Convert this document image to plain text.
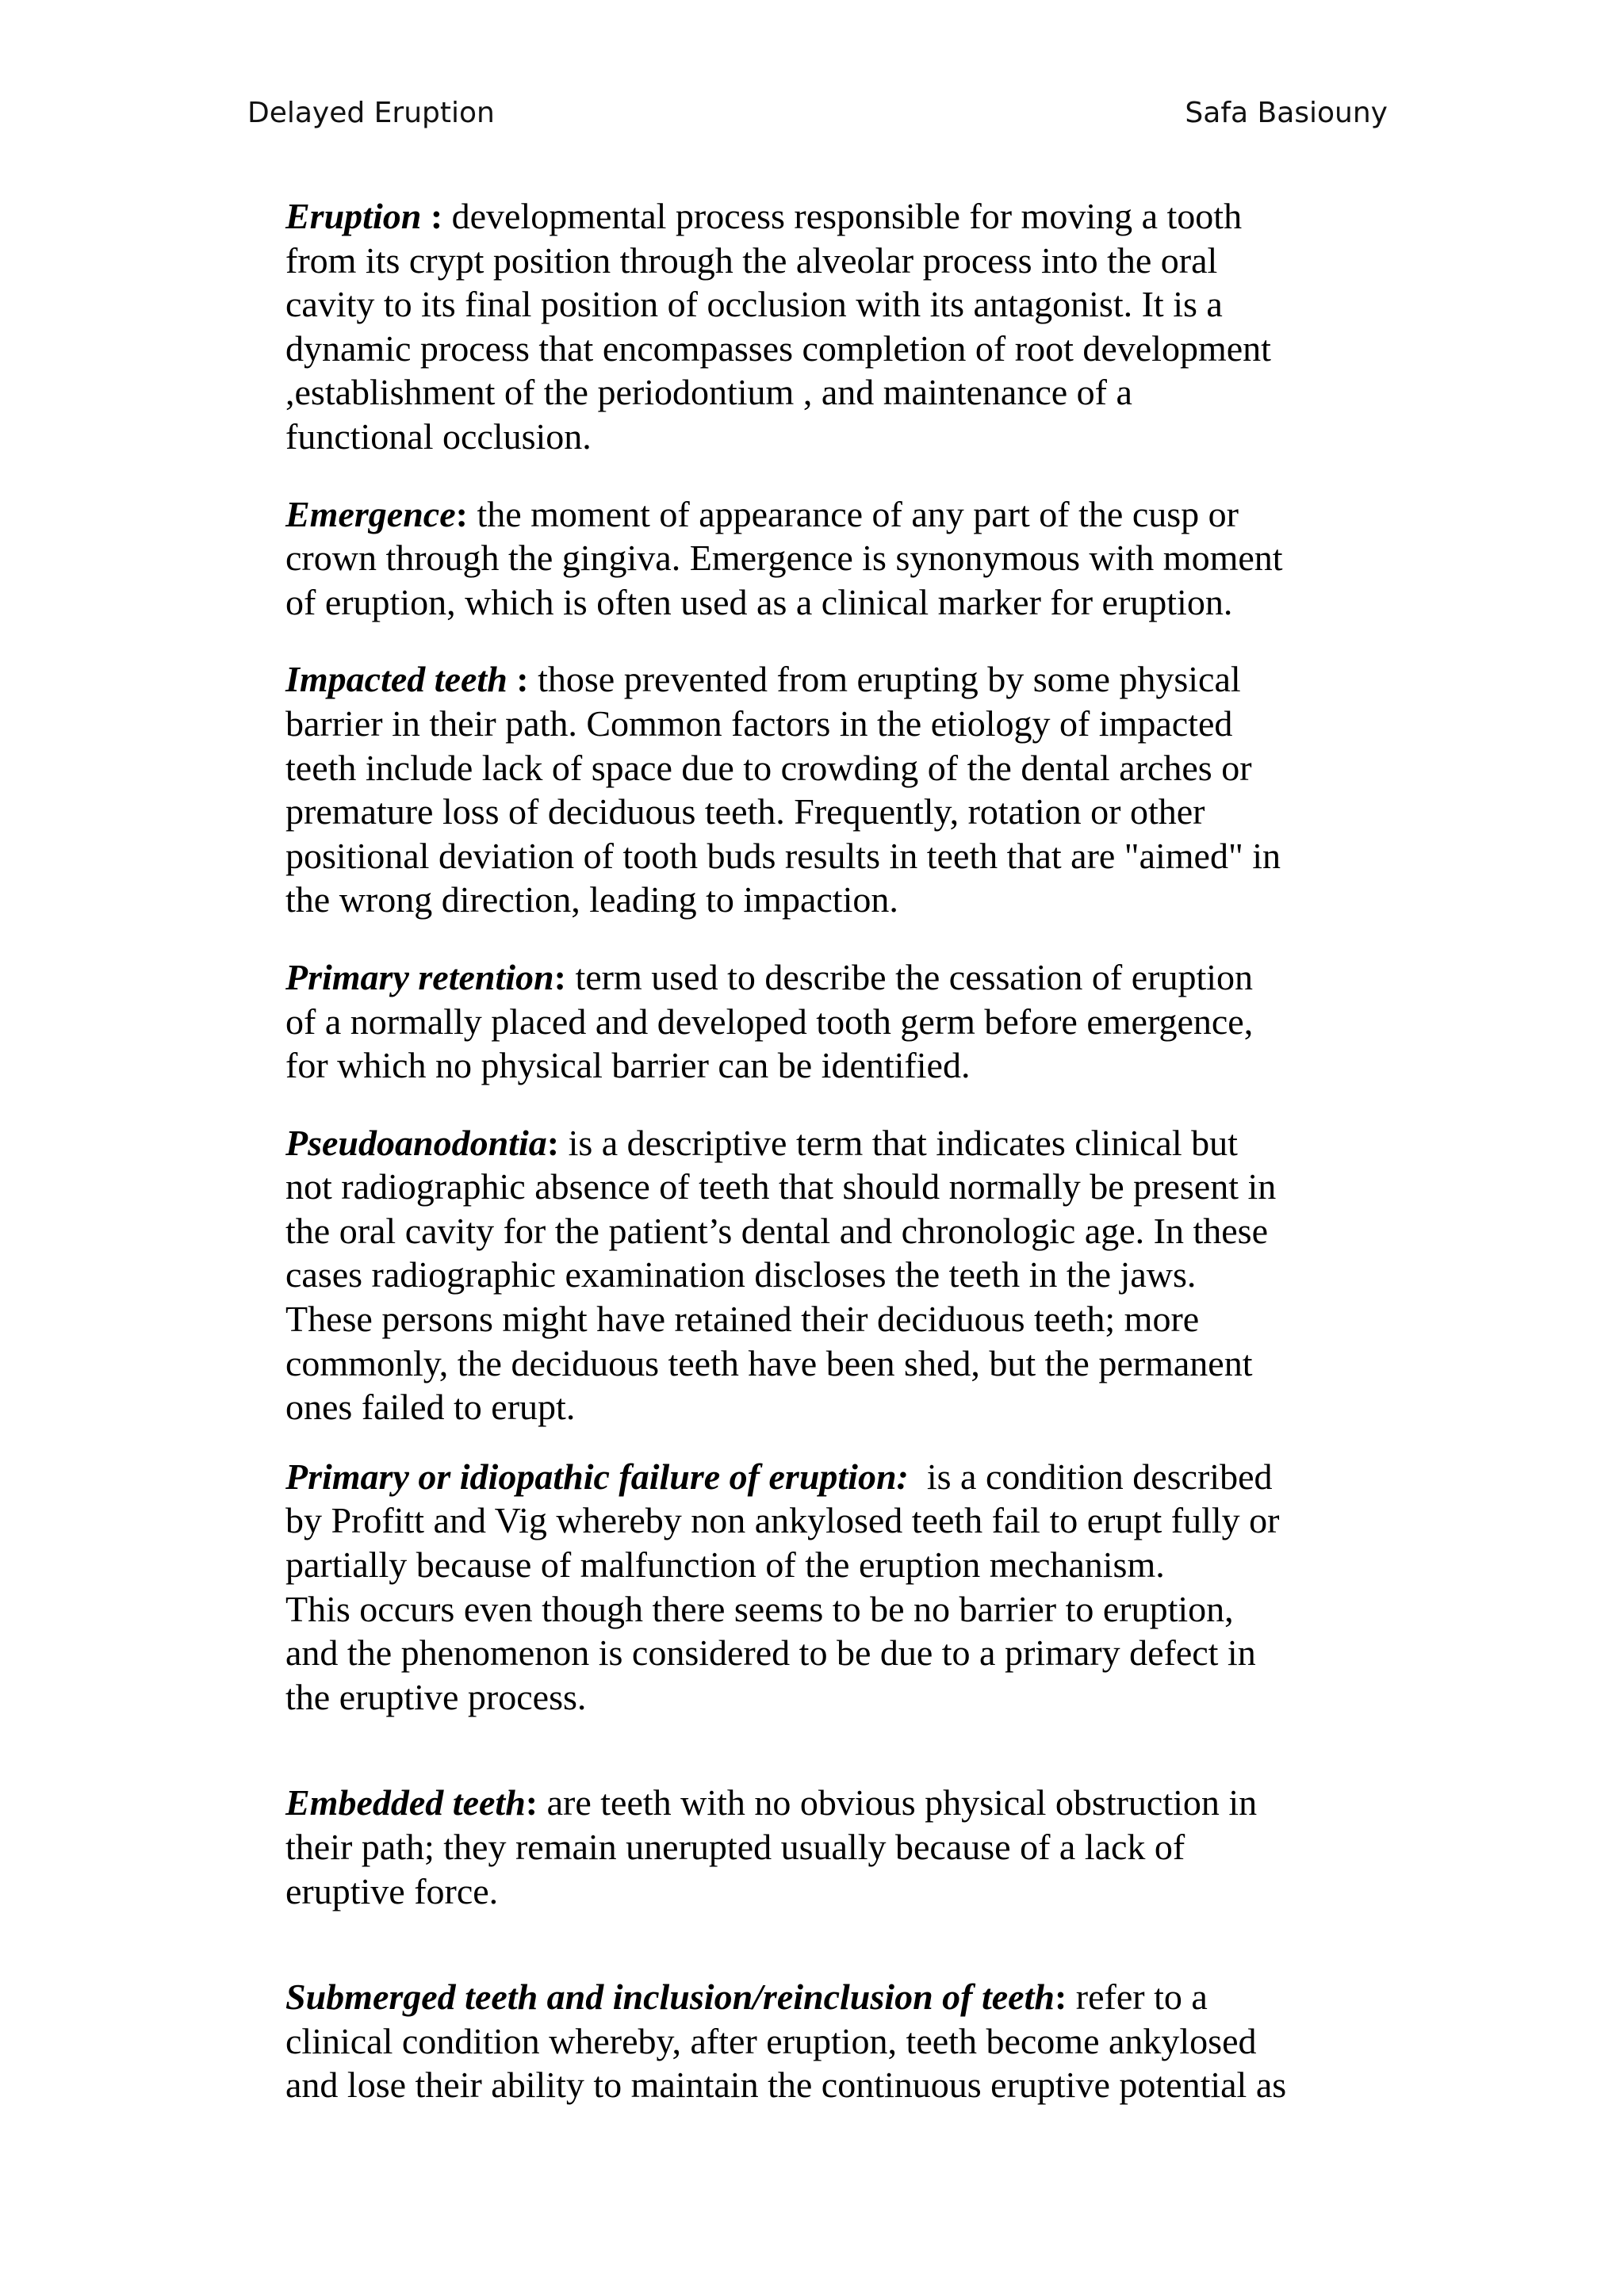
Delayed Eruption	Safa Basiouny

Eruption : developmental process responsible for moving a tooth
from its crypt position through the alveolar process into the oral
cavity to its final position of occlusion with its antagonist. It is a
dynamic process that encompasses completion of root development
,establishment of the periodontium , and maintenance of a
functional occlusion.

Emergence: the moment of appearance of any part of the cusp or
crown through the gingiva. Emergence is synonymous with moment
of eruption, which is often used as a clinical marker for eruption.

Impacted teeth : those prevented from erupting by some physical
barrier in their path. Common factors in the etiology of impacted
teeth include lack of space due to crowding of the dental arches or
premature loss of deciduous teeth. Frequently, rotation or other
positional deviation of tooth buds results in teeth that are "aimed" in
the wrong direction, leading to impaction.

Primary retention: term used to describe the cessation of eruption
of a normally placed and developed tooth germ before emergence,
for which no physical barrier can be identified.

Pseudoanodontia: is a descriptive term that indicates clinical but
not radiographic absence of teeth that should normally be present in
the oral cavity for the patient’s dental and chronologic age. In these
cases radiographic examination discloses the teeth in the jaws.
These persons might have retained their deciduous teeth; more
commonly, the deciduous teeth have been shed, but the permanent
ones failed to erupt.

Primary or idiopathic failure of eruption: is a condition described
by Profitt and Vig whereby non ankylosed teeth fail to erupt fully or
partially because of malfunction of the eruption mechanism.
This occurs even though there seems to be no barrier to eruption,
and the phenomenon is considered to be due to a primary defect in
the eruptive process.

Embedded teeth: are teeth with no obvious physical obstruction in
their path; they remain unerupted usually because of a lack of
eruptive force.

Submerged teeth and inclusion/reinclusion of teeth: refer to a
clinical condition whereby, after eruption, teeth become ankylosed
and lose their ability to maintain the continuous eruptive potential as
